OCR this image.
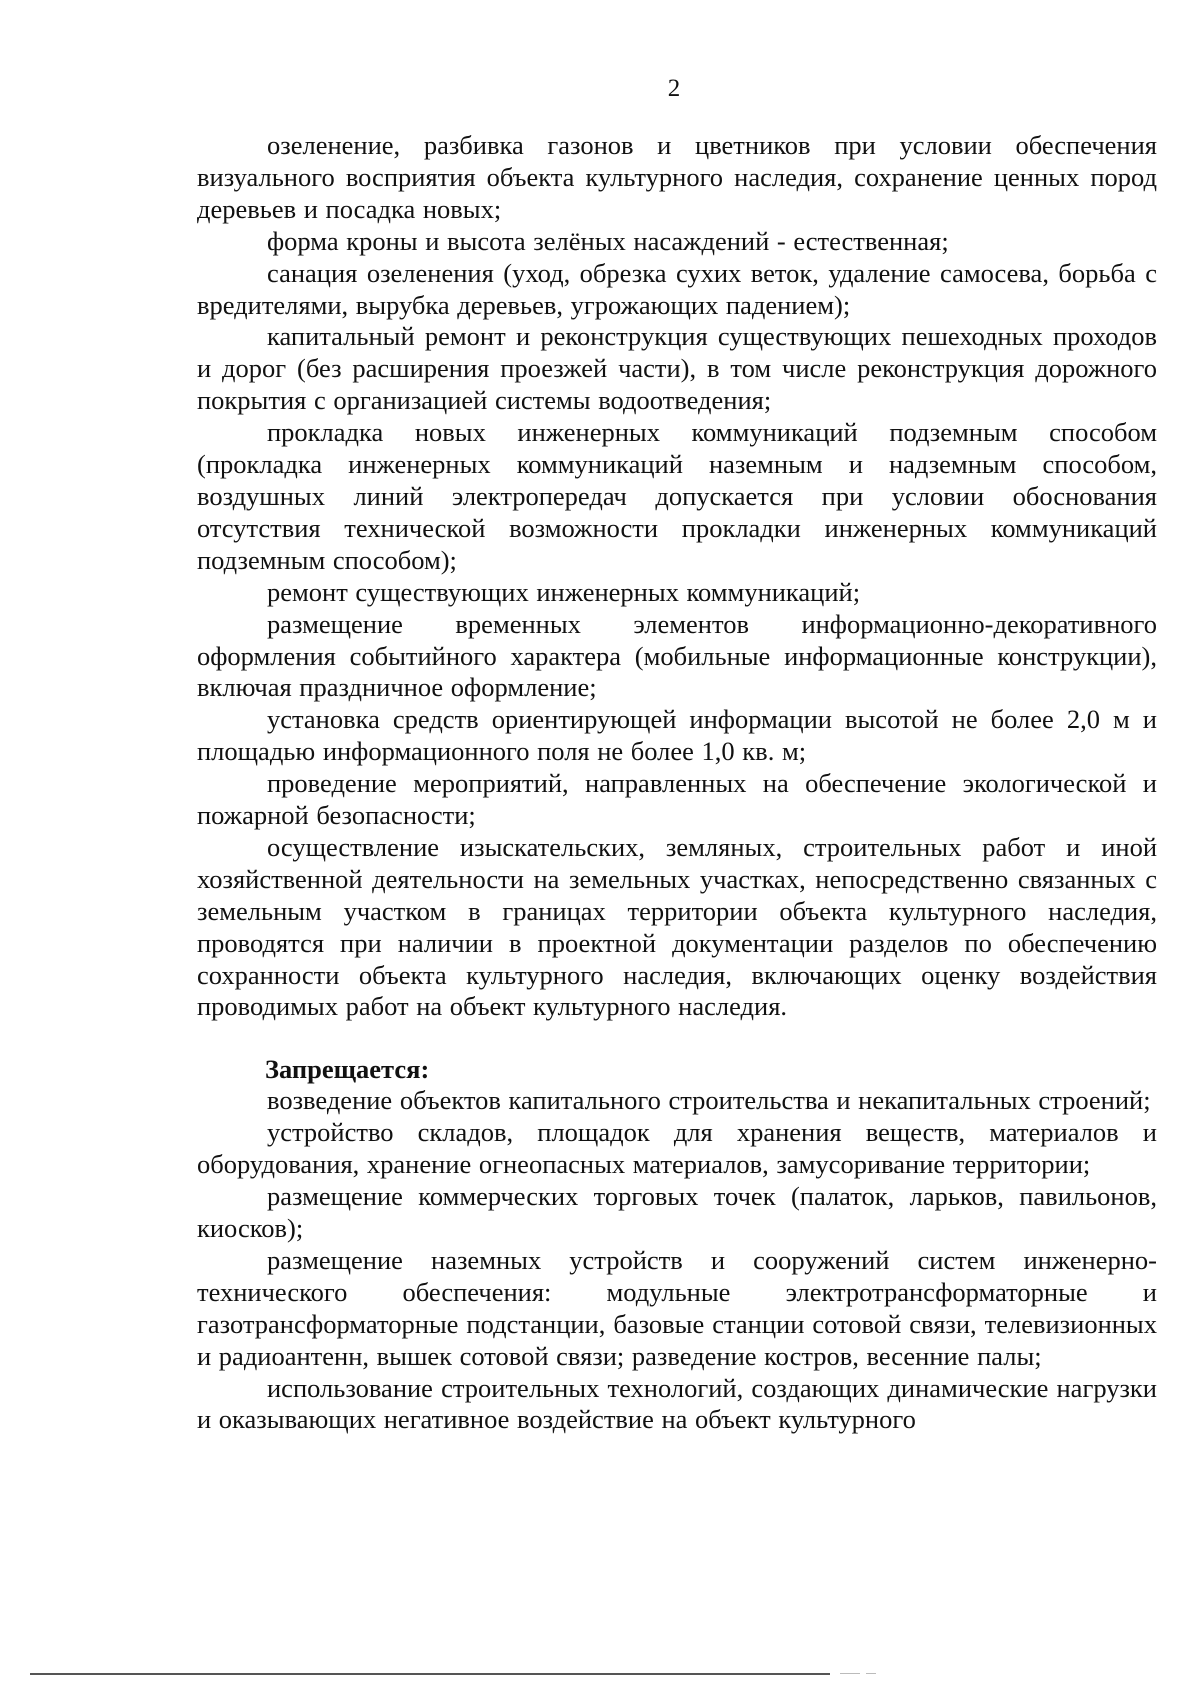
2

озеленение, разбивка газонов и цветников при условии обеспечения визуального восприятия объекта культурного наследия, сохранение ценных пород деревьев и посадка новых;

форма кроны и высота зелёных насаждений - естественная;

санация озеленения (уход, обрезка сухих веток, удаление самосева, борьба с вредителями, вырубка деревьев, угрожающих падением);

капитальный ремонт и реконструкция существующих пешеходных проходов и дорог (без расширения проезжей части), в том числе реконструкция дорожного покрытия с организацией системы водоотведения;

прокладка новых инженерных коммуникаций подземным способом (прокладка инженерных коммуникаций наземным и надземным способом, воздушных линий электропередач допускается при условии обоснования отсутствия технической возможности прокладки инженерных коммуникаций подземным способом);

ремонт существующих инженерных коммуникаций;

размещение временных элементов информационно-декоративного оформления событийного характера (мобильные информационные конструкции), включая праздничное оформление;

установка средств ориентирующей информации высотой не более 2,0 м и площадью информационного поля не более 1,0 кв. м;

проведение мероприятий, направленных на обеспечение экологической и пожарной безопасности;

осуществление изыскательских, земляных, строительных работ и иной хозяйственной деятельности на земельных участках, непосредственно связанных с земельным участком в границах территории объекта культурного наследия, проводятся при наличии в проектной документации разделов по обеспечению сохранности объекта культурного наследия, включающих оценку воздействия проводимых работ на объект культурного наследия.

Запрещается:

возведение объектов капитального строительства и некапитальных строений;

устройство складов, площадок для хранения веществ, материалов и оборудования, хранение огнеопасных материалов, замусоривание территории;

размещение коммерческих торговых точек (палаток, ларьков, павильонов, киосков);

размещение наземных устройств и сооружений систем инженерно-технического обеспечения: модульные электротрансформаторные и газотрансформаторные подстанции, базовые станции сотовой связи, телевизионных и радиоантенн, вышек сотовой связи; разведение костров, весенние палы;

использование строительных технологий, создающих динамические нагрузки и оказывающих негативное воздействие на объект культурного
